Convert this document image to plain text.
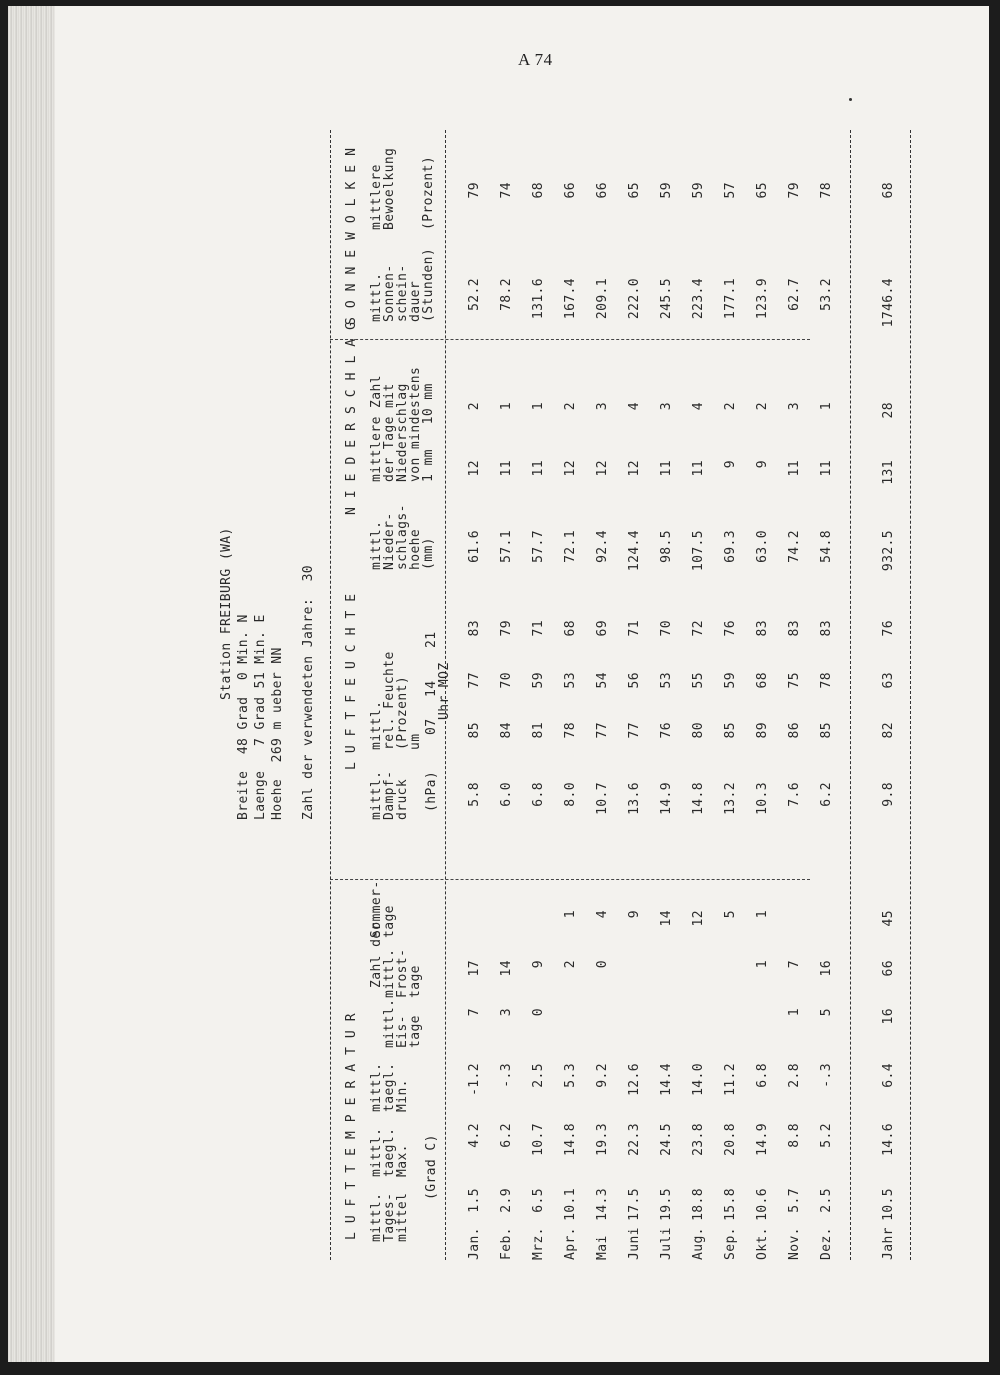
A 74
Station FREIBURG (WA)
Breite  48 Grad  0 Min. N Laenge   7 Grad 51 Min. E Hoehe  269 m ueber NN Zahl der verwendeten Jahre:  30
LUFTTEMPERATUR
LUFTFEUCHTE
NIEDERSCHLAG
SONNE
WOLKEN
mittl.
Tages-
mittel
mittl.
taegl.
Max.
mittl.
taegl.
Min.
(Grad C)
mittl.
Eis-
tage
Zahl der
mittl.
Frost-
tage
Sommer-
tage
mittl.
Dampf-
druck (hPa)
mittl.
rel. Feuchte
(Prozent)
um
07
14
21
Uhr MOZ
mittl.
Nieder-
schlags-
hoehe
(mm)
mittlere Zahl
der Tage mit
Niederschlag
von mindestens
1 mm   10 mm
mittl.
Sonnen-
schein-
dauer
(Stunden)
mittlere
Bewoelkung (Prozent)
Jan.
1.5
4.2
-1.2
7
17
5.8
85
77
83
61.6
12
2
52.2
79
Feb.
2.9
6.2
-.3
3
14
6.0
84
70
79
57.1
11
1
78.2
74
Mrz.
6.5
10.7
2.5
0
9
6.8
81
59
71
57.7
11
1
131.6
68
Apr.
10.1
14.8
5.3
2
1
8.0
78
53
68
72.1
12
2
167.4
66
Mai
14.3
19.3
9.2
0
4
10.7
77
54
69
92.4
12
3
209.1
66
Juni
17.5
22.3
12.6
9
13.6
77
56
71
124.4
12
4
222.0
65
Juli
19.5
24.5
14.4
14
14.9
76
53
70
98.5
11
3
245.5
59
Aug.
18.8
23.8
14.0
12
14.8
80
55
72
107.5
11
4
223.4
59
Sep.
15.8
20.8
11.2
5
13.2
85
59
76
69.3
9
2
177.1
57
Okt.
10.6
14.9
6.8
1
1
10.3
89
68
83
63.0
9
2
123.9
65
Nov.
5.7
8.8
2.8
1
7
7.6
86
75
83
74.2
11
3
62.7
79
Dez.
2.5
5.2
-.3
5
16
6.2
85
78
83
54.8
11
1
53.2
78
Jahr
10.5
14.6
6.4
16
66
45
9.8
82
63
76
932.5
131
28
1746.4
68
